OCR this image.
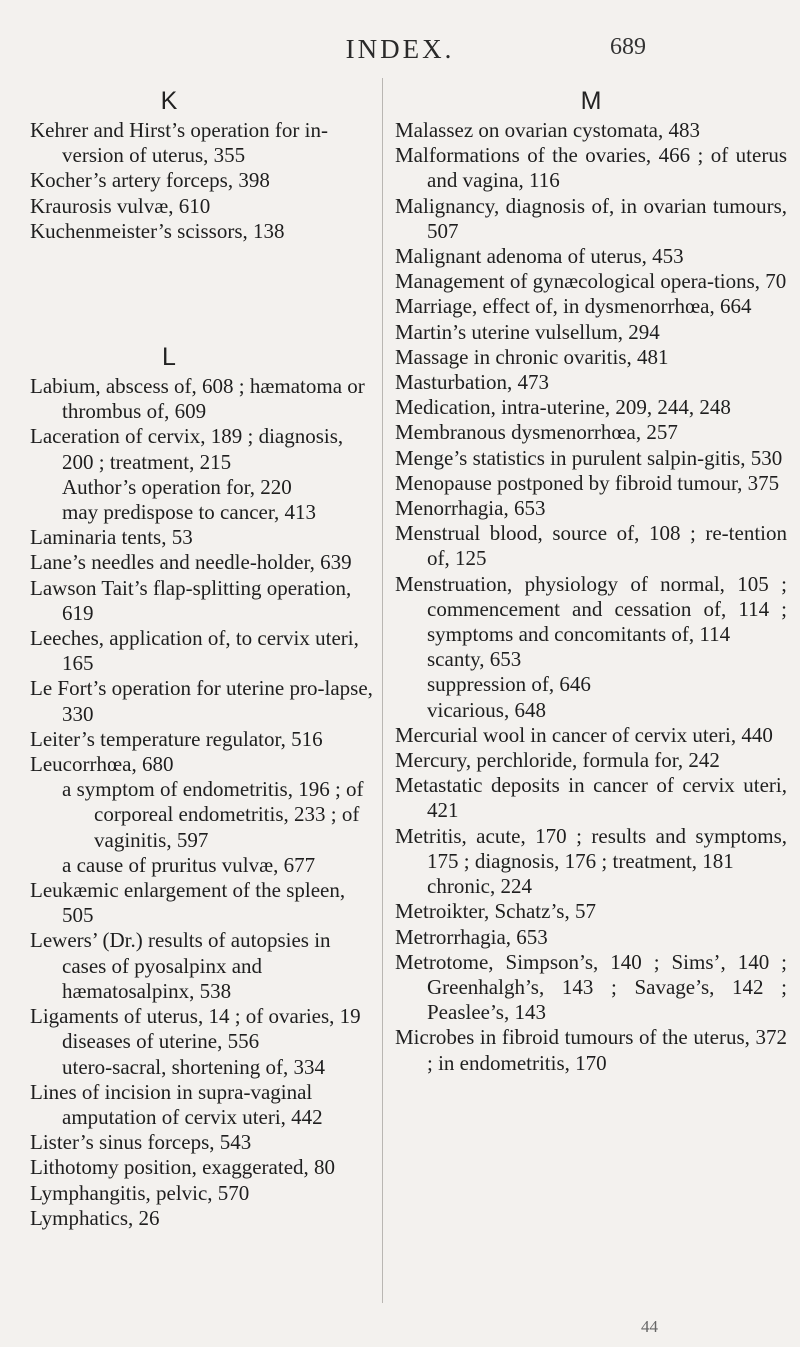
INDEX.	689

K

Kehrer and Hirst’s operation for in-version of uterus, 355

Kocher’s artery forceps, 398

Kraurosis vulvæ, 610

Kuchenmeister’s scissors, 138

L

Labium, abscess of, 608 ; hæmatoma or thrombus of, 609

Laceration of cervix, 189 ; diagnosis, 200 ; treatment, 215

Author’s operation for, 220

may predispose to cancer, 413

Laminaria tents, 53

Lane’s needles and needle-holder, 639

Lawson Tait’s flap-splitting operation, 619

Leeches, application of, to cervix uteri, 165

Le Fort’s operation for uterine pro-lapse, 330

Leiter’s temperature regulator, 516

Leucorrhœa, 680

a symptom of endometritis, 196 ; of corporeal endometritis, 233 ; of vaginitis, 597

a cause of pruritus vulvæ, 677

Leukæmic enlargement of the spleen, 505

Lewers’ (Dr.) results of autopsies in cases of pyosalpinx and hæmatosalpinx, 538

Ligaments of uterus, 14 ; of ovaries, 19

diseases of uterine, 556

utero-sacral, shortening of, 334

Lines of incision in supra-vaginal amputation of cervix uteri, 442

Lister’s sinus forceps, 543

Lithotomy position, exaggerated, 80

Lymphangitis, pelvic, 570

Lymphatics, 26

M

Malassez on ovarian cystomata, 483

Malformations of the ovaries, 466 ; of uterus and vagina, 116

Malignancy, diagnosis of, in ovarian tumours, 507

Malignant adenoma of uterus, 453

Management of gynæcological opera-tions, 70

Marriage, effect of, in dysmenorrhœa, 664

Martin’s uterine vulsellum, 294

Massage in chronic ovaritis, 481

Masturbation, 473

Medication, intra-uterine, 209, 244, 248

Membranous dysmenorrhœa, 257

Menge’s statistics in purulent salpin-gitis, 530

Menopause postponed by fibroid tumour, 375

Menorrhagia, 653

Menstrual blood, source of, 108 ; re-tention of, 125

Menstruation, physiology of normal, 105 ; commencement and cessation of, 114 ; symptoms and concomitants of, 114

scanty, 653

suppression of, 646

vicarious, 648

Mercurial wool in cancer of cervix uteri, 440

Mercury, perchloride, formula for, 242

Metastatic deposits in cancer of cervix uteri, 421

Metritis, acute, 170 ; results and symptoms, 175 ; diagnosis, 176 ; treatment, 181

chronic, 224

Metroikter, Schatz’s, 57

Metrorrhagia, 653

Metrotome, Simpson’s, 140 ; Sims’, 140 ; Greenhalgh’s, 143 ; Savage’s, 142 ; Peaslee’s, 143

Microbes in fibroid tumours of the uterus, 372 ; in endometritis, 170

44
